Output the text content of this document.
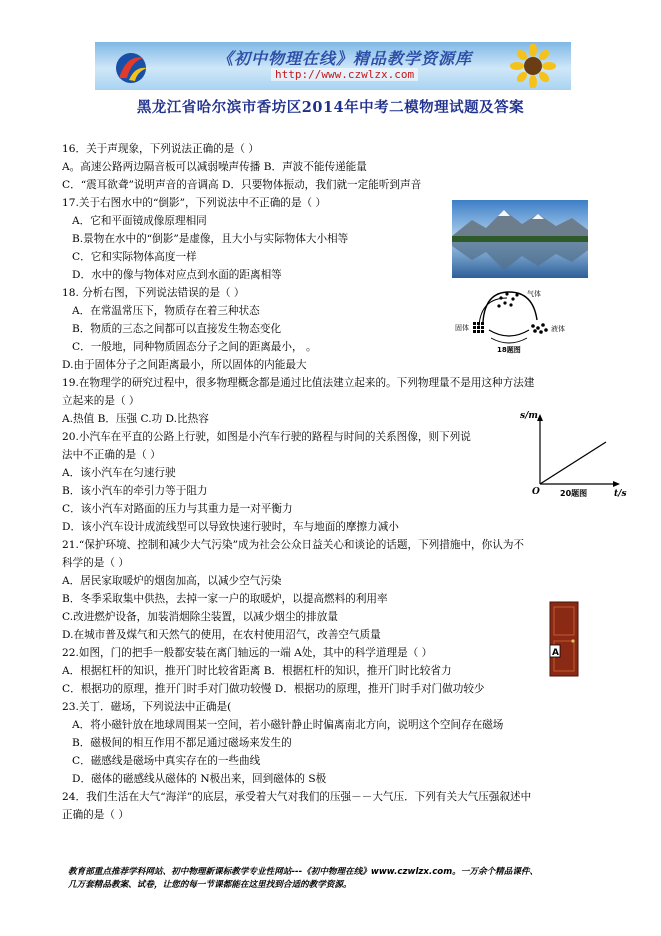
《初中物理在线》精品教学资源库
http://www.czwlzx.com
黑龙江省哈尔滨市香坊区2014年中考二模物理试题及答案
16．关于声现象，下列说法正确的是（ ）
A。高速公路两边隔音板可以减弱噪声传播 B．声波不能传递能量
C．“震耳欲聋”说明声音的音调高 D．只要物体振动，我们就一定能听到声音
17.关于右图水中的“倒影”，下列说法中不正确的是（ ）
A．它和平面镜成像原理相同
B.景物在水中的“倒影”是虚像，且大小与实际物体大小相等
C．它和实际物体高度一样
D．水中的像与物体对应点到水面的距离相等
18. 分析右图，下列说法错误的是（ ）
A．在常温常压下，物质存在着三种状态
B．物质的三态之间都可以直接发生物态变化
C．一般地，同种物质固态分子之间的距离最小， 。
D.由于固体分子之间距离最小，所以固体的内能最大
19.在物理学的研究过程中，很多物理概念都是通过比值法建立起来的。下列物理量不是用这种方法建
立起来的是（ ）
A.热值 B．压强 C.功 D.比热容
20.小汽车在平直的公路上行驶，如图是小汽车行驶的路程与时间的关系图像，则下列说
法中不正确的是（ ）
A．该小汽车在匀速行驶
B．该小汽车的牵引力等于阻力
C．该小汽车对路面的压力与其重力是一对平衡力
D．该小汽车设计成流线型可以导致快速行驶时，车与地面的摩擦力减小
21.“保护环境、控制和减少大气污染”成为社会公众日益关心和谈论的话题，下列措施中，你认为不
科学的是（ ）
A．居民家取暖炉的烟囱加高，以减少空气污染
B．冬季采取集中供热，去掉一家一户的取暖炉，以提高燃料的利用率
C.改进燃炉设备，加装消烟除尘装置，以减少烟尘的排放量
D.在城市普及煤气和天然气的使用，在农村使用沼气，改善空气质量
22.如图，门的把手一般都安装在离门轴远的一端 A处，其中的科学道理是（ ）
A．根据杠杆的知识，推开门时比较省距离 B．根据杠杆的知识，推开门时比较省力
C．根据功的原理，推开门时手对门做功较慢 D．根据功的原理，推开门时手对门做功较少
23.关丁．磁场，下列说法中正确是(
A．将小磁针放在地球周围某一空间，若小磁针静止时偏离南北方向，说明这个空间存在磁场
B．磁极间的相互作用不都足通过磁场来发生的
C．磁感线是磁场中真实存在的一些曲线
D．磁体的磁感线从磁体的 N极出来，回到磁体的 S极
24．我们生活在大气“海洋”的底层，承受着大气对我们的压强－－大气压．下列有关大气压强叙述中
正确的是（ ）
气体
固体	液体
18题图
s/m
t/s
O	20题图
A
教育部重点推荐学科网站、初中物理新课标教学专业性网站---《初中物理在线》www.czwlzx.com。一万余个精品课件、
几万套精品教案、试卷，让您的每一节课都能在这里找到合适的教学资源。
